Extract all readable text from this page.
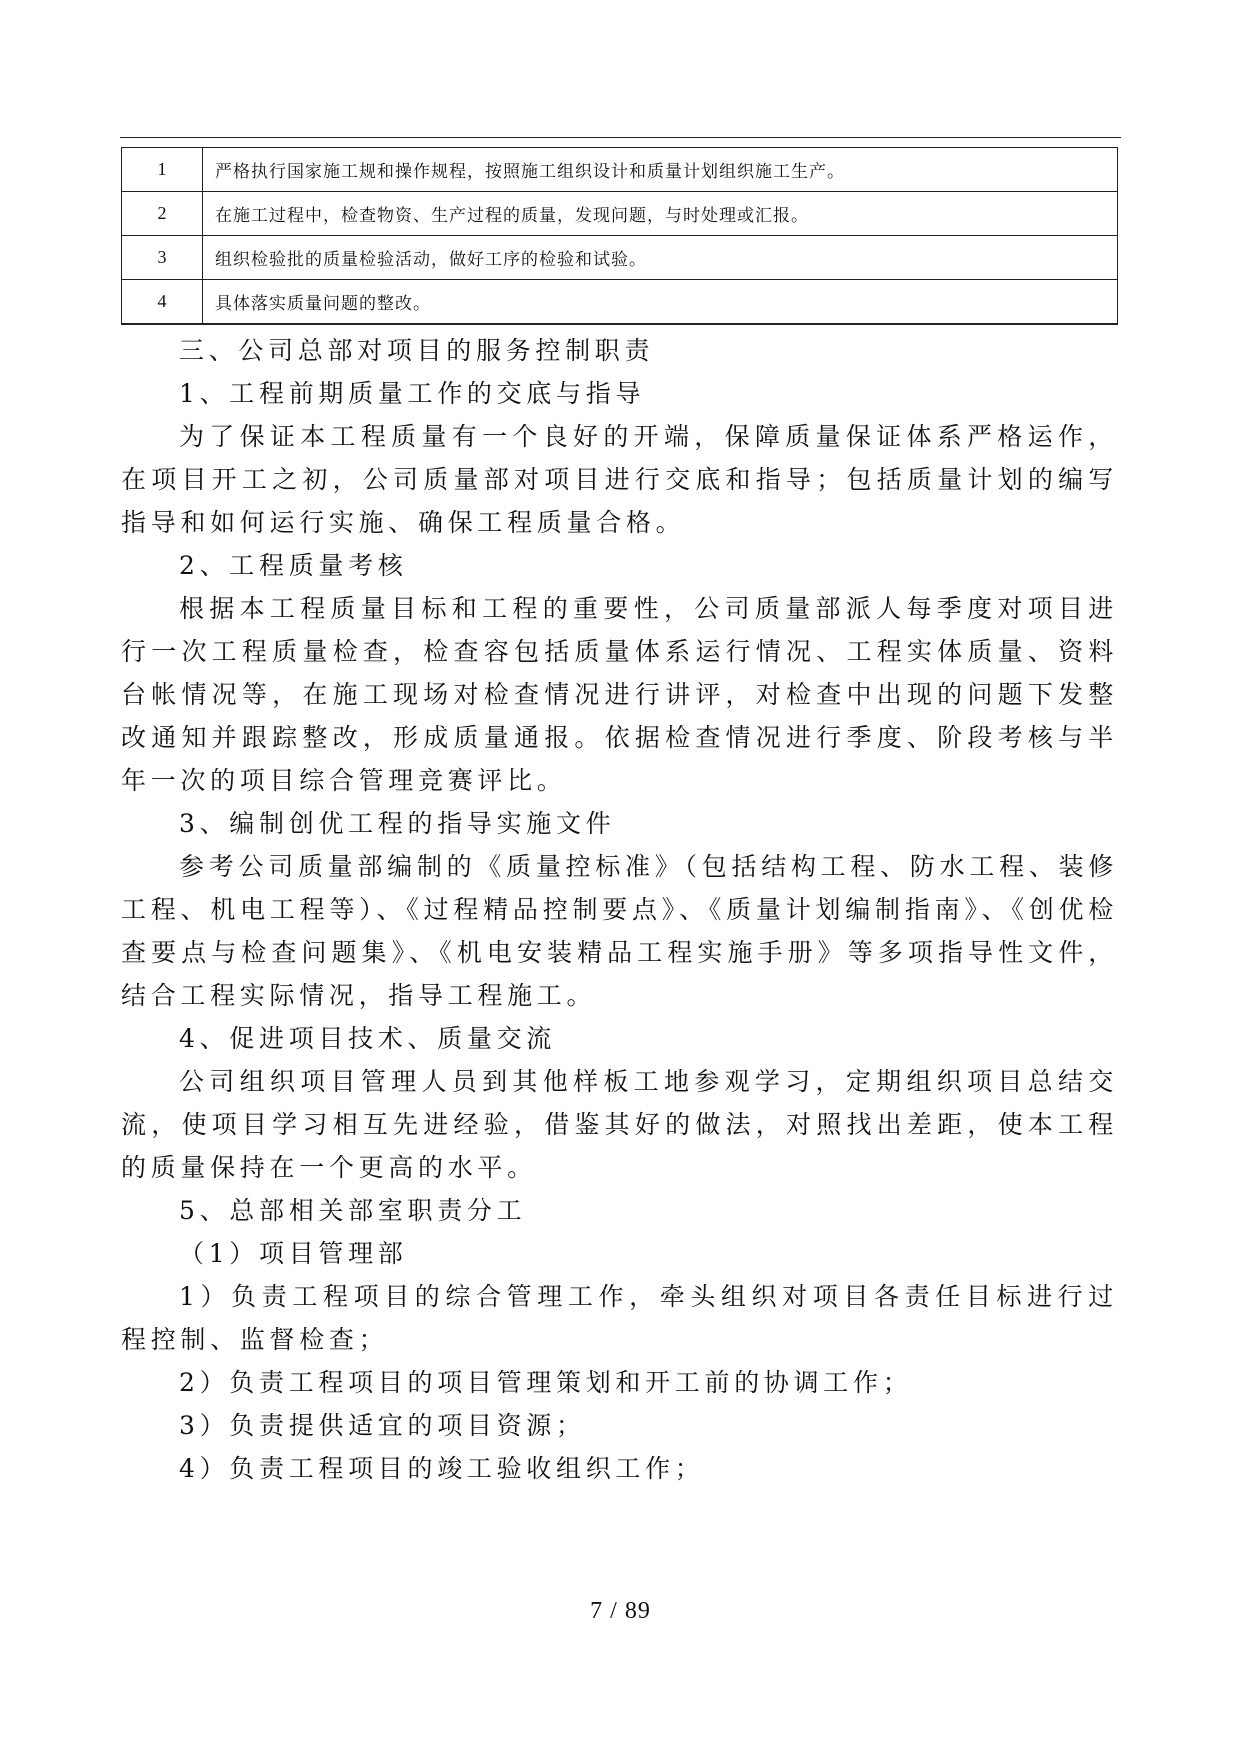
1	严格执行国家施工规和操作规程，按照施工组织设计和质量计划组织施工生产。
2	在施工过程中，检查物资、生产过程的质量，发现问题，与时处理或汇报。
3	组织检验批的质量检验活动，做好工序的检验和试验。
4	具体落实质量问题的整改。

三、公司总部对项目的服务控制职责

1、工程前期质量工作的交底与指导

为了保证本工程质量有一个良好的开端，保障质量保证体系严格运作，在项目开工之初，公司质量部对项目进行交底和指导；包括质量计划的编写指导和如何运行实施、确保工程质量合格。

2、工程质量考核

根据本工程质量目标和工程的重要性，公司质量部派人每季度对项目进行一次工程质量检查，检查容包括质量体系运行情况、工程实体质量、资料台帐情况等，在施工现场对检查情况进行讲评，对检查中出现的问题下发整改通知并跟踪整改，形成质量通报。依据检查情况进行季度、阶段考核与半年一次的项目综合管理竞赛评比。

3、编制创优工程的指导实施文件

参考公司质量部编制的《质量控标准》（包括结构工程、防水工程、装修工程、机电工程等）、《过程精品控制要点》、《质量计划编制指南》、《创优检查要点与检查问题集》、《机电安装精品工程实施手册》等多项指导性文件，结合工程实际情况，指导工程施工。

4、促进项目技术、质量交流

公司组织项目管理人员到其他样板工地参观学习，定期组织项目总结交流，使项目学习相互先进经验，借鉴其好的做法，对照找出差距，使本工程的质量保持在一个更高的水平。

5、总部相关部室职责分工

（1）项目管理部

1）负责工程项目的综合管理工作，牵头组织对项目各责任目标进行过程控制、监督检查；

2）负责工程项目的项目管理策划和开工前的协调工作；

3）负责提供适宜的项目资源；

4）负责工程项目的竣工验收组织工作；

7 / 89
